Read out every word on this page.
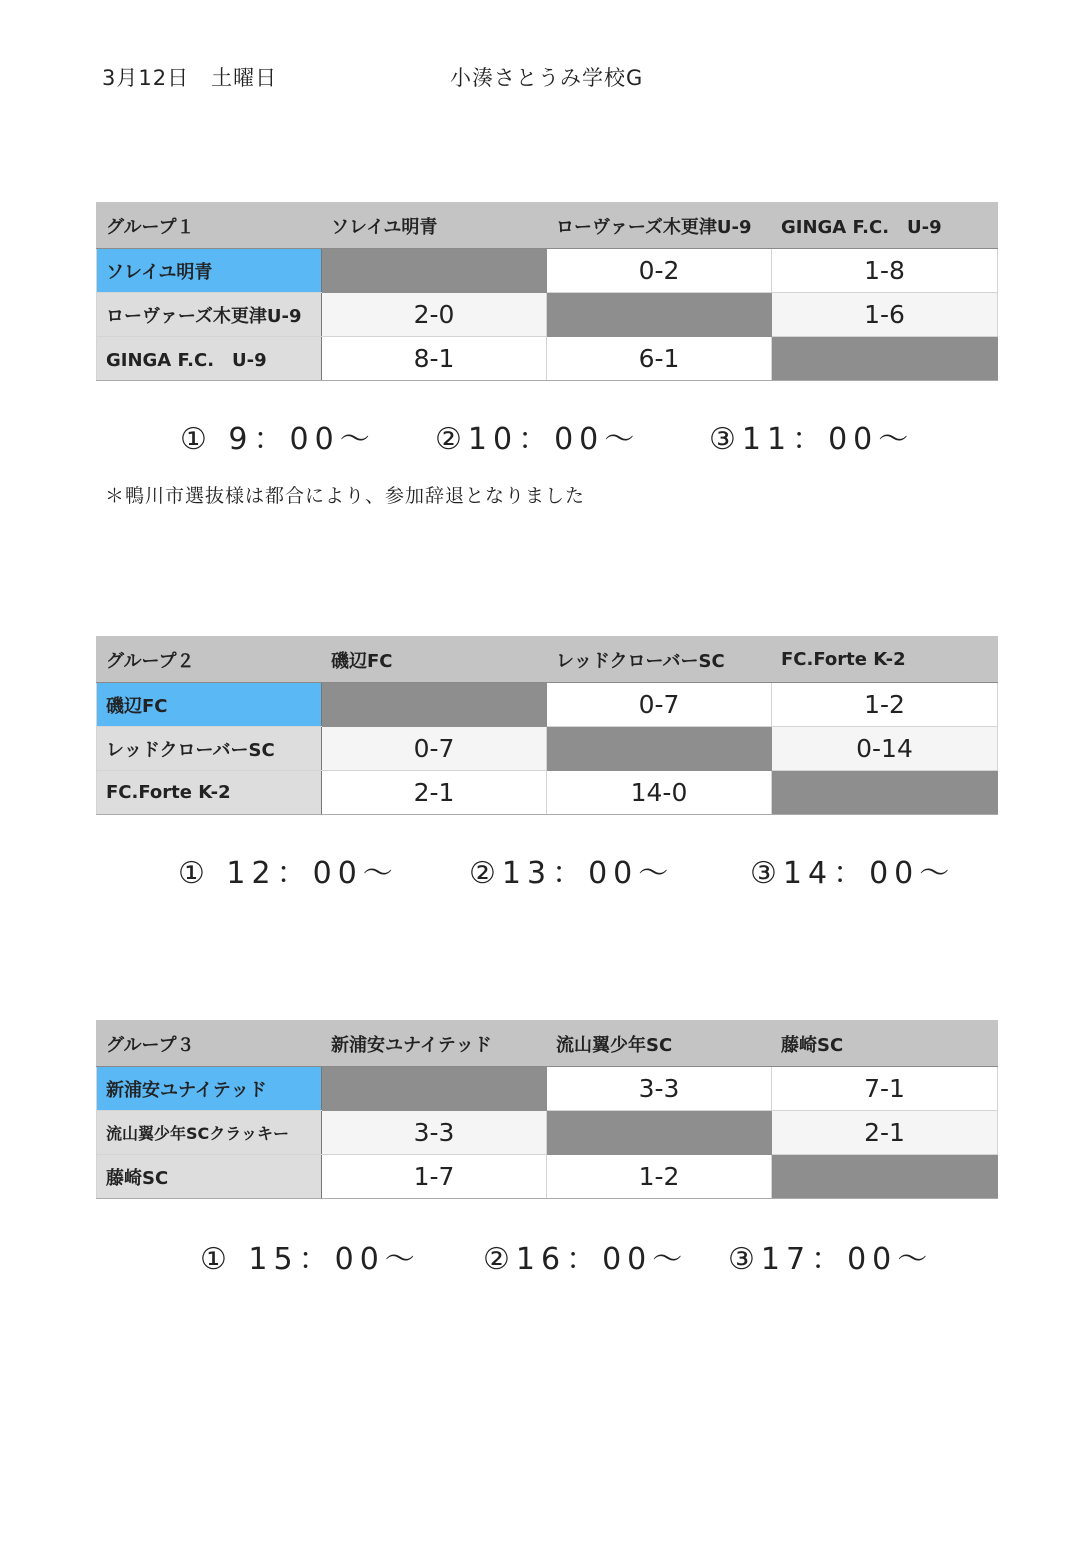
3月12日　土曜日	小湊さとうみ学校G
グループ１	ソレイユ明青	ローヴァーズ木更津U-9	GINGA F.C.　U-9
ソレイユ明青		0-2	1-8
ローヴァーズ木更津U-9	2-0		1-6
GINGA F.C.　U-9	8-1	6-1	
① 9：00～ ②10：00～ ③11：00～
＊鴨川市選抜様は都合により、参加辞退となりました
グループ２	磯辺FC	レッドクローバーSC	FC.Forte K-2
磯辺FC		0-7	1-2
レッドクローバーSC	0-7		0-14
FC.Forte K-2	2-1	14-0	
① 12：00～ ②13：00～	③14：00～
グループ３	新浦安ユナイテッド	流山翼少年SC	藤崎SC
新浦安ユナイテッド		3-3	7-1
流山翼少年SCクラッキー	3-3		2-1
藤崎SC	1-7	1-2	
① 15：00～ ②16：00～ ③17：00～
